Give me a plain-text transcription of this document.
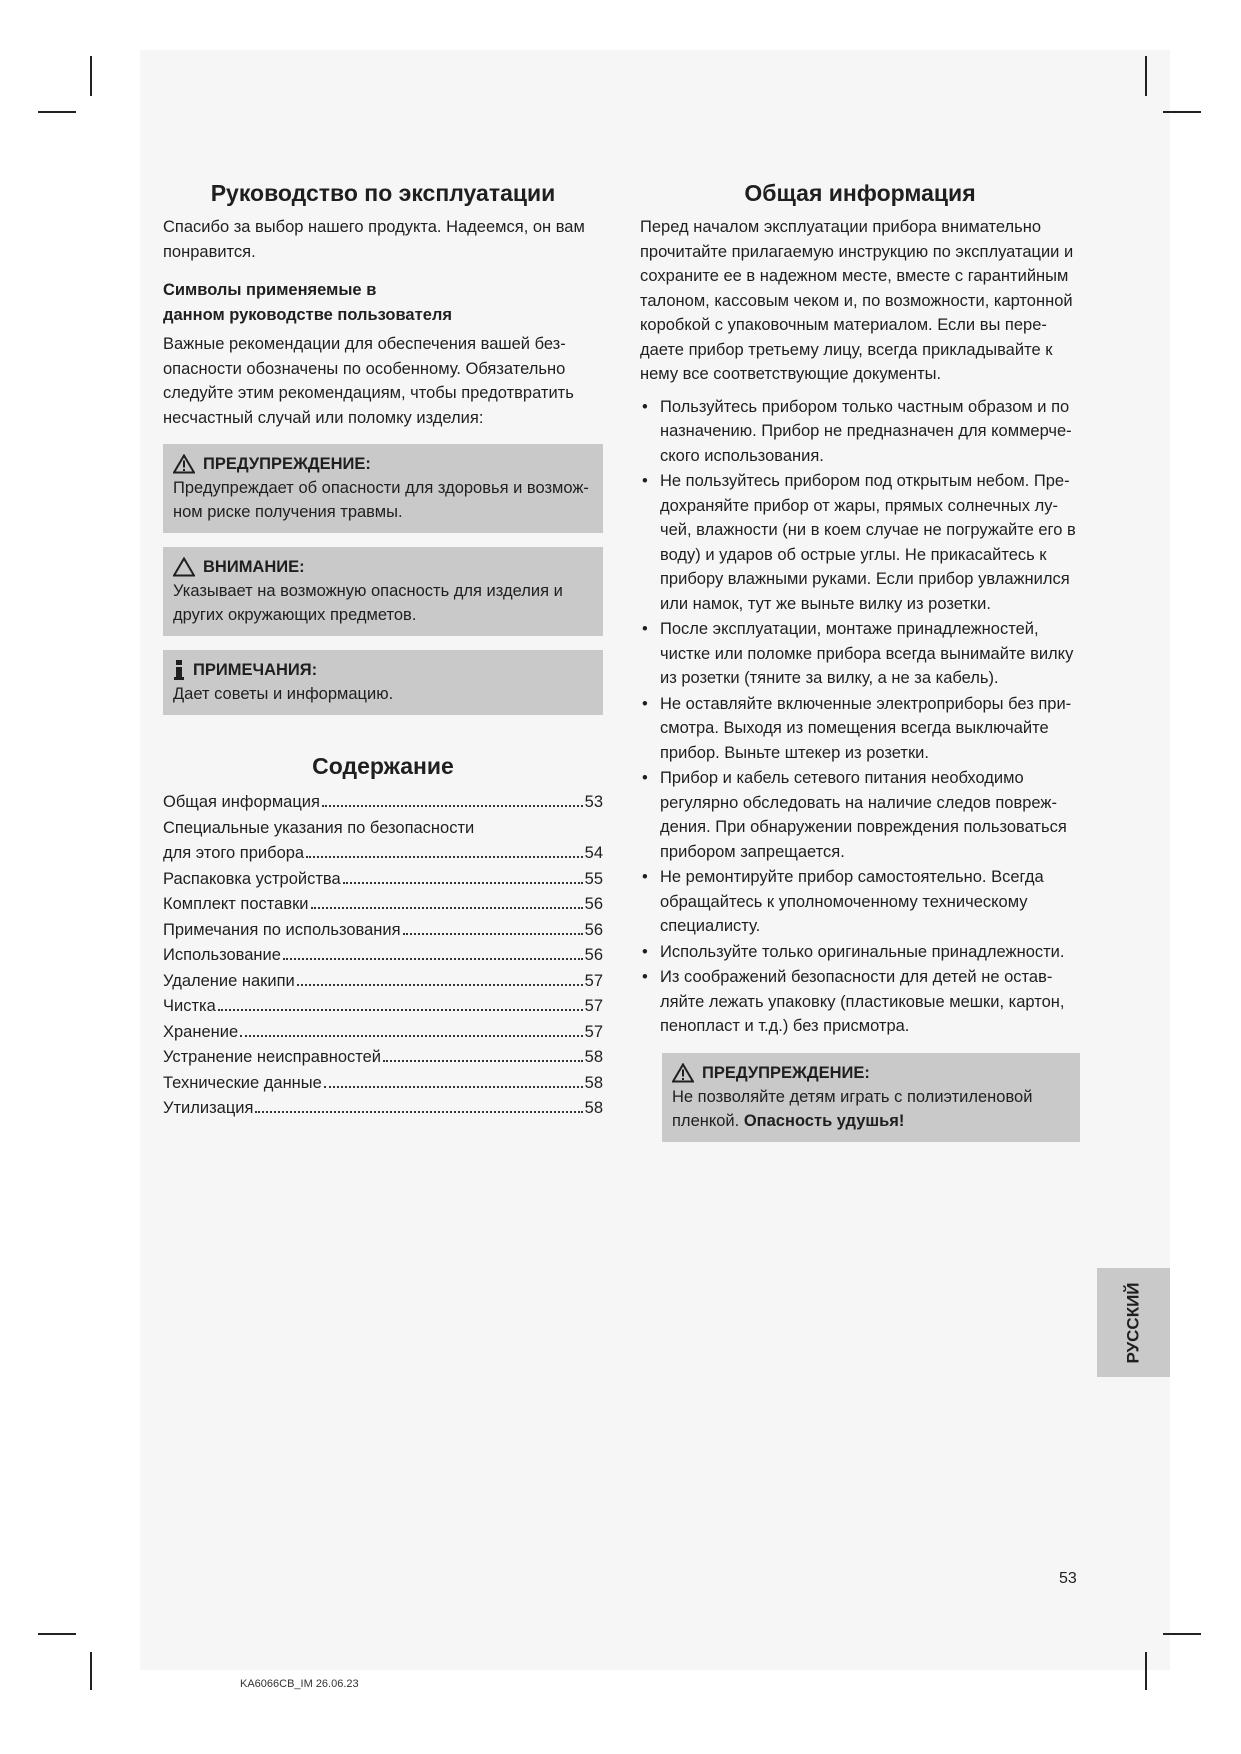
Руководство по эксплуатации

Спасибо за выбор нашего продукта. Надеемся, он вам понравится.

Символы применяемые в
данном руководстве пользователя

Важные рекомендации для обеспечения вашей без-опасности обозначены по особенному. Обязательно следуйте этим рекомендациям, чтобы предотвратить несчастный случай или поломку изделия:

ПРЕДУПРЕЖДЕНИЕ:
Предупреждает об опасности для здоровья и возмож-ном риске получения травмы.
ВНИМАНИЕ:
Указывает на возможную опасность для изделия и других окружающих предметов.
ПРИМЕЧАНИЯ:
Дает советы и информацию.
Содержание
Общая информация	53
Специальные указания по безопасности
для этого прибора	54
Распаковка устройства	55
Комплект поставки	56
Примечания по использования	56
Использование	56
Удаление накипи	57
Чистка	57
Хранение	57
Устранение неисправностей	58
Технические данные	58
Утилизация	58
Общая информация

Перед началом эксплуатации прибора внимательно прочитайте прилагаемую инструкцию по эксплуатации и сохраните ее в надежном месте, вместе с гарантийным талоном, кассовым чеком и, по возможности, картонной коробкой с упаковочным материалом. Если вы пере-даете прибор третьему лицу, всегда прикладывайте к нему все соответствующие документы.

• Пользуйтесь прибором только частным образом и по назначению. Прибор не предназначен для коммерче-ского использования.
• Не пользуйтесь прибором под открытым небом. Пре-дохраняйте прибор от жары, прямых солнечных лу-чей, влажности (ни в коем случае не погружайте его в воду) и ударов об острые углы. Не прикасайтесь к прибору влажными руками. Если прибор увлажнился или намок, тут же выньте вилку из розетки.
• После эксплуатации, монтаже принадлежностей, чистке или поломке прибора всегда вынимайте вилку из розетки (тяните за вилку, а не за кабель).
• Не оставляйте включенные электроприборы без при-смотра. Выходя из помещения всегда выключайте прибор. Выньте штекер из розетки.
• Прибор и кабель сетевого питания необходимо регулярно обследовать на наличие следов повреж-дения. При обнаружении повреждения пользоваться прибором запрещается.
• Не ремонтируйте прибор самостоятельно. Всегда обращайтесь к уполномоченному техническому специалисту.
• Используйте только оригинальные принадлежности.
• Из соображений безопасности для детей не остав-ляйте лежать упаковку (пластиковые мешки, картон, пенопласт и т.д.) без присмотра.
ПРЕДУПРЕЖДЕНИЕ:
Не позволяйте детям играть с полиэтиленовой пленкой. Опасность удушья!
РУССКИЙ
53
KA6066CB_IM 26.06.23
